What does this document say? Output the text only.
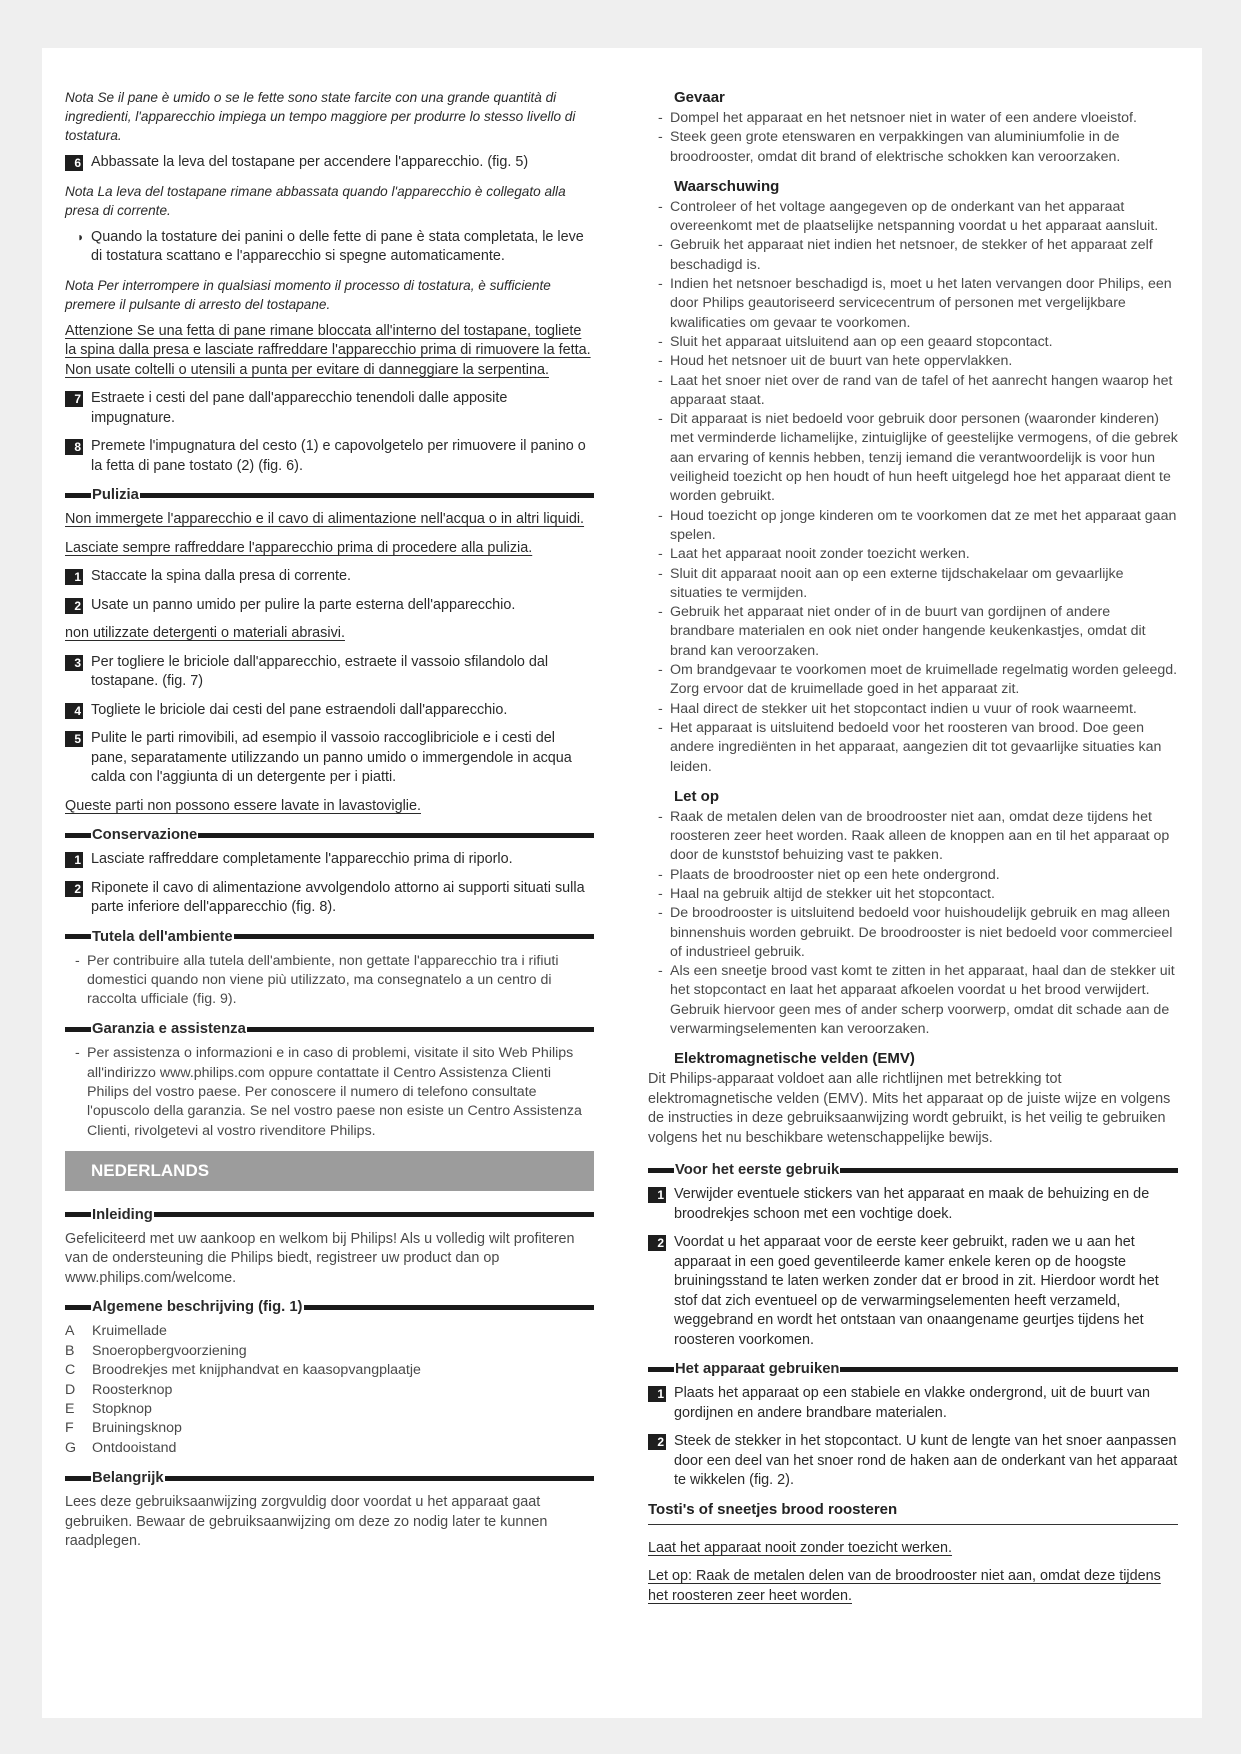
Nota Se il pane è umido o se le fette sono state farcite con una grande quantità di ingredienti, l'apparecchio impiega un tempo maggiore per produrre lo stesso livello di tostatura.

6 Abbassate la leva del tostapane per accendere l'apparecchio. (fig. 5)

Nota La leva del tostapane rimane abbassata quando l'apparecchio è collegato alla presa di corrente.

◗ Quando la tostature dei panini o delle fette di pane è stata completata, le leve di tostatura scattano e l'apparecchio si spegne automaticamente.

Nota Per interrompere in qualsiasi momento il processo di tostatura, è sufficiente premere il pulsante di arresto del tostapane.

Attenzione Se una fetta di pane rimane bloccata all'interno del tostapane, togliete la spina dalla presa e lasciate raffreddare l'apparecchio prima di rimuovere la fetta. Non usate coltelli o utensili a punta per evitare di danneggiare la serpentina.

7 Estraete i cesti del pane dall'apparecchio tenendoli dalle apposite impugnature.
8 Premete l'impugnatura del cesto (1) e capovolgetelo per rimuovere il panino o la fetta di pane tostato (2) (fig. 6).
Pulizia

Non immergete l'apparecchio e il cavo di alimentazione nell'acqua o in altri liquidi.

Lasciate sempre raffreddare l'apparecchio prima di procedere alla pulizia.

1 Staccate la spina dalla presa di corrente.
2 Usate un panno umido per pulire la parte esterna dell'apparecchio.

non utilizzate detergenti o materiali abrasivi.

3 Per togliere le briciole dall'apparecchio, estraete il vassoio sfilandolo dal tostapane. (fig. 7)
4 Togliete le briciole dai cesti del pane estraendoli dall'apparecchio.
5 Pulite le parti rimovibili, ad esempio il vassoio raccoglibriciole e i cesti del pane, separatamente utilizzando un panno umido o immergendole in acqua calda con l'aggiunta di un detergente per i piatti.

Queste parti non possono essere lavate in lavastoviglie.

Conservazione
1 Lasciate raffreddare completamente l'apparecchio prima di riporlo.
2 Riponete il cavo di alimentazione avvolgendolo attorno ai supporti situati sulla parte inferiore dell'apparecchio (fig. 8).
Tutela dell'ambiente

- Per contribuire alla tutela dell'ambiente, non gettate l'apparecchio tra i rifiuti domestici quando non viene più utilizzato, ma consegnatelo a un centro di raccolta ufficiale (fig. 9).

Garanzia e assistenza

- Per assistenza o informazioni e in caso di problemi, visitate il sito Web Philips all'indirizzo www.philips.com oppure contattate il Centro Assistenza Clienti Philips del vostro paese. Per conoscere il numero di telefono consultate l'opuscolo della garanzia. Se nel vostro paese non esiste un Centro Assistenza Clienti, rivolgetevi al vostro rivenditore Philips.

NEDERLANDS
Inleiding

Gefeliciteerd met uw aankoop en welkom bij Philips! Als u volledig wilt profiteren van de ondersteuning die Philips biedt, registreer uw product dan op www.philips.com/welcome.

Algemene beschrijving (fig. 1)
A	Kruimellade
B	Snoeropbergvoorziening
C	Broodrekjes met knijphandvat en kaasopvangplaatje
D	Roosterknop
E	Stopknop
F	Bruiningsknop
G	Ontdooistand
Belangrijk

Lees deze gebruiksaanwijzing zorgvuldig door voordat u het apparaat gaat gebruiken. Bewaar de gebruiksaanwijzing om deze zo nodig later te kunnen raadplegen.

Gevaar

- Dompel het apparaat en het netsnoer niet in water of een andere vloeistof.

- Steek geen grote etenswaren en verpakkingen van aluminiumfolie in de broodrooster, omdat dit brand of elektrische schokken kan veroorzaken.

Waarschuwing

- Controleer of het voltage aangegeven op de onderkant van het apparaat overeenkomt met de plaatselijke netspanning voordat u het apparaat aansluit.

- Gebruik het apparaat niet indien het netsnoer, de stekker of het apparaat zelf beschadigd is.

- Indien het netsnoer beschadigd is, moet u het laten vervangen door Philips, een door Philips geautoriseerd servicecentrum of personen met vergelijkbare kwalificaties om gevaar te voorkomen.

- Sluit het apparaat uitsluitend aan op een geaard stopcontact.

- Houd het netsnoer uit de buurt van hete oppervlakken.

- Laat het snoer niet over de rand van de tafel of het aanrecht hangen waarop het apparaat staat.

- Dit apparaat is niet bedoeld voor gebruik door personen (waaronder kinderen) met verminderde lichamelijke, zintuiglijke of geestelijke vermogens, of die gebrek aan ervaring of kennis hebben, tenzij iemand die verantwoordelijk is voor hun veiligheid toezicht op hen houdt of hun heeft uitgelegd hoe het apparaat dient te worden gebruikt.

- Houd toezicht op jonge kinderen om te voorkomen dat ze met het apparaat gaan spelen.

- Laat het apparaat nooit zonder toezicht werken.

- Sluit dit apparaat nooit aan op een externe tijdschakelaar om gevaarlijke situaties te vermijden.

- Gebruik het apparaat niet onder of in de buurt van gordijnen of andere brandbare materialen en ook niet onder hangende keukenkastjes, omdat dit brand kan veroorzaken.

- Om brandgevaar te voorkomen moet de kruimellade regelmatig worden geleegd. Zorg ervoor dat de kruimellade goed in het apparaat zit.

- Haal direct de stekker uit het stopcontact indien u vuur of rook waarneemt.

- Het apparaat is uitsluitend bedoeld voor het roosteren van brood. Doe geen andere ingrediënten in het apparaat, aangezien dit tot gevaarlijke situaties kan leiden.

Let op

- Raak de metalen delen van de broodrooster niet aan, omdat deze tijdens het roosteren zeer heet worden. Raak alleen de knoppen aan en til het apparaat op door de kunststof behuizing vast te pakken.

- Plaats de broodrooster niet op een hete ondergrond.

- Haal na gebruik altijd de stekker uit het stopcontact.

- De broodrooster is uitsluitend bedoeld voor huishoudelijk gebruik en mag alleen binnenshuis worden gebruikt. De broodrooster is niet bedoeld voor commercieel of industrieel gebruik.

- Als een sneetje brood vast komt te zitten in het apparaat, haal dan de stekker uit het stopcontact en laat het apparaat afkoelen voordat u het brood verwijdert. Gebruik hiervoor geen mes of ander scherp voorwerp, omdat dit schade aan de verwarmingselementen kan veroorzaken.

Elektromagnetische velden (EMV)

Dit Philips-apparaat voldoet aan alle richtlijnen met betrekking tot elektromagnetische velden (EMV). Mits het apparaat op de juiste wijze en volgens de instructies in deze gebruiksaanwijzing wordt gebruikt, is het veilig te gebruiken volgens het nu beschikbare wetenschappelijke bewijs.

Voor het eerste gebruik
1 Verwijder eventuele stickers van het apparaat en maak de behuizing en de broodrekjes schoon met een vochtige doek.
2 Voordat u het apparaat voor de eerste keer gebruikt, raden we u aan het apparaat in een goed geventileerde kamer enkele keren op de hoogste bruiningsstand te laten werken zonder dat er brood in zit. Hierdoor wordt het stof dat zich eventueel op de verwarmingselementen heeft verzameld, weggebrand en wordt het ontstaan van onaangename geurtjes tijdens het roosteren voorkomen.
Het apparaat gebruiken
1 Plaats het apparaat op een stabiele en vlakke ondergrond, uit de buurt van gordijnen en andere brandbare materialen.
2 Steek de stekker in het stopcontact. U kunt de lengte van het snoer aanpassen door een deel van het snoer rond de haken aan de onderkant van het apparaat te wikkelen (fig. 2).
Tosti's of sneetjes brood roosteren

Laat het apparaat nooit zonder toezicht werken.

Let op: Raak de metalen delen van de broodrooster niet aan, omdat deze tijdens het roosteren zeer heet worden.
